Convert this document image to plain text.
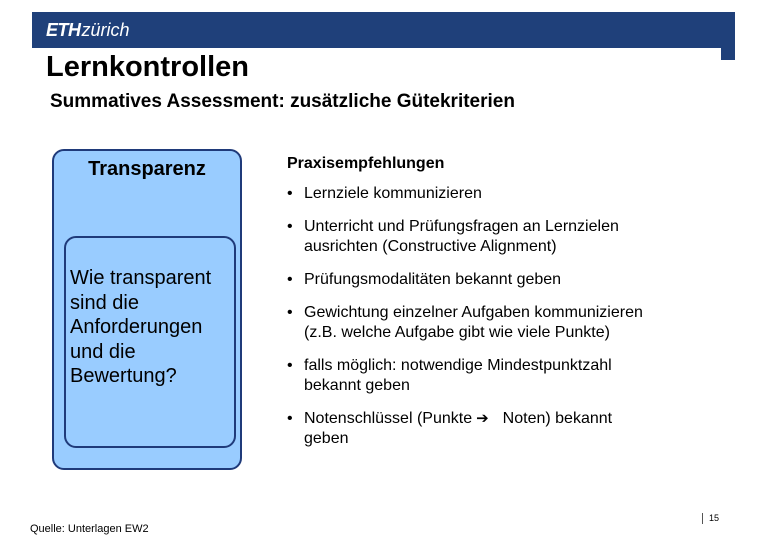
ETHzürich
Lernkontrollen
Summatives Assessment: zusätzliche Gütekriterien
Transparenz
Wie transparent
sind die
Anforderungen
und die
Bewertung?

Praxisempfehlungen

• Lernziele kommunizieren
• Unterricht und Prüfungsfragen an Lernzielen
ausrichten (Constructive Alignment)
• Prüfungsmodalitäten bekannt geben
• Gewichtung einzelner Aufgaben kommunizieren
(z.B. welche Aufgabe gibt wie viele Punkte)
• falls möglich: notwendige Mindestpunktzahl
bekannt geben
• Notenschlüssel (Punkte ➔ Noten) bekannt
geben
15
Quelle: Unterlagen EW2
